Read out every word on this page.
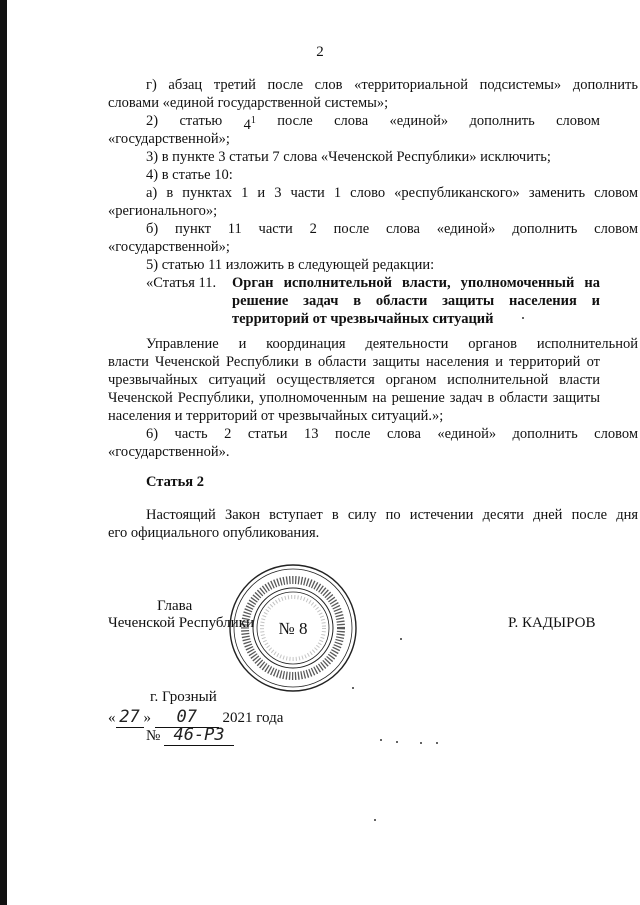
2
г) абзац третий после слов «территориальной подсистемы» дополнить
словами «единой государственной системы»;
2) статью $4^1$ после слова «единой» дополнить словом
«государственной»;
3) в пункте 3 статьи 7 слова «Чеченской Республики» исключить;
4) в статье 10:
а) в пунктах 1 и 3 части 1 слово «республиканского» заменить словом
«регионального»;
б) пункт 11 части 2 после слова «единой» дополнить словом
«государственной»;
5) статью 11 изложить в следующей редакции:
«Статья 11. Орган исполнительной власти, уполномоченный на
решение задач в области защиты населения и
территорий от чрезвычайных ситуаций
Управление и координация деятельности органов исполнительной
власти Чеченской Республики в области защиты населения и территорий от
чрезвычайных ситуаций осуществляется органом исполнительной власти
Чеченской Республики, уполномоченным на решение задач в области защиты
населения и территорий от чрезвычайных ситуаций.»;
6) часть 2 статьи 13 после слова «единой» дополнить словом
«государственной».
Статья 2
Настоящий Закон вступает в силу по истечении десяти дней после дня
его официального опубликования.
№ 8
Глава
Чеченской Республики	Р. КАДЫРОВ
г. Грозный
« 27 » 07 2021 года
№ 46-РЗ
